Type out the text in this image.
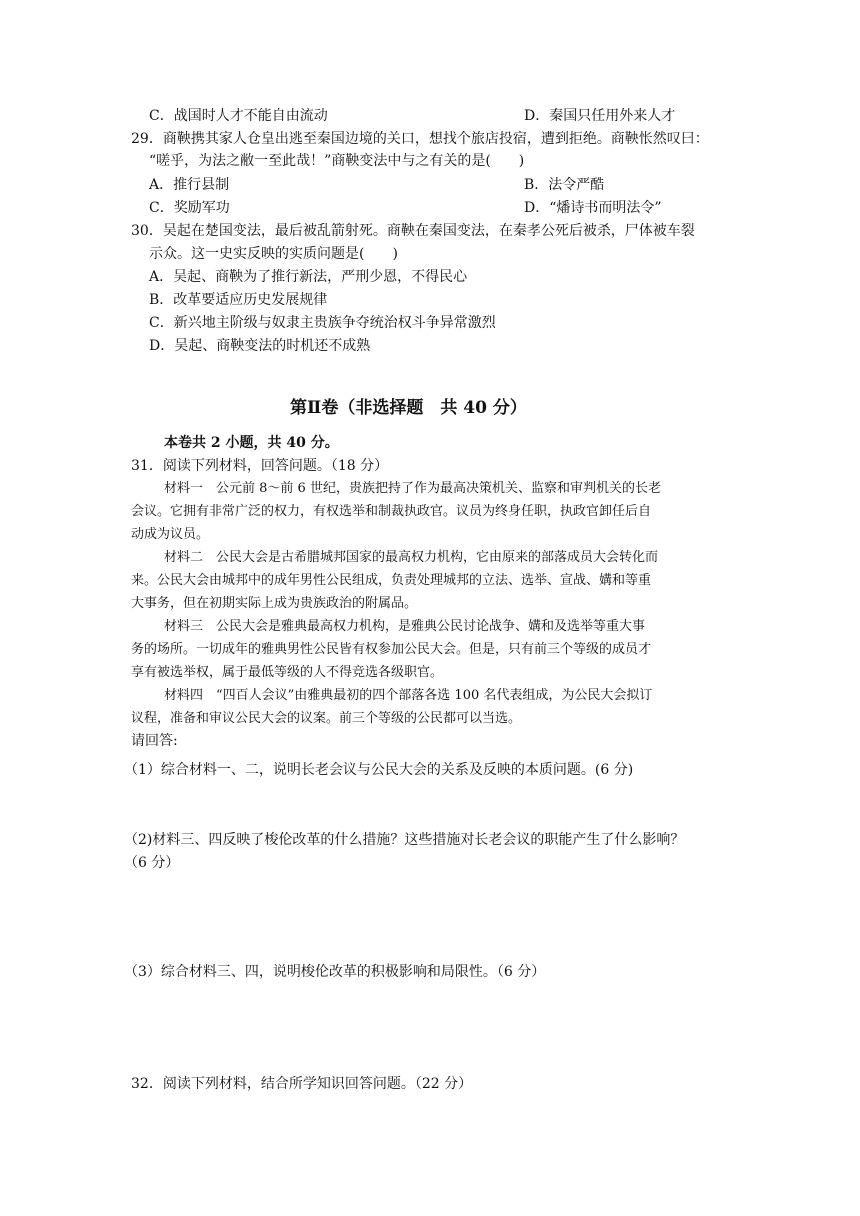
C．战国时人才不能自由流动	D．秦国只任用外来人才
29．商鞅携其家人仓皇出逃至秦国边境的关口，想找个旅店投宿，遭到拒绝。商鞅怅然叹曰：
“嗟乎，为法之敝一至此哉！”商鞅变法中与之有关的是(　　)
A．推行县制	B．法令严酷
C．奖励军功	D．“燔诗书而明法令”
30．吴起在楚国变法，最后被乱箭射死。商鞅在秦国变法，在秦孝公死后被杀，尸体被车裂
示众。这一史实反映的实质问题是(　　)
A．吴起、商鞅为了推行新法，严刑少恩，不得民心
B．改革要适应历史发展规律
C．新兴地主阶级与奴隶主贵族争夺统治权斗争异常激烈
D．吴起、商鞅变法的时机还不成熟
第Ⅱ卷（非选择题　共 40 分）
本卷共 2 小题，共 40 分。
31．阅读下列材料，回答问题。（18 分）
材料一　公元前 8～前 6 世纪，贵族把持了作为最高决策机关、监察和审判机关的长老
会议。它拥有非常广泛的权力，有权选举和制裁执政官。议员为终身任职，执政官卸任后自
动成为议员。
材料二　公民大会是古希腊城邦国家的最高权力机构，它由原来的部落成员大会转化而
来。公民大会由城邦中的成年男性公民组成，负责处理城邦的立法、选举、宣战、媾和等重
大事务，但在初期实际上成为贵族政治的附属品。
材料三　公民大会是雅典最高权力机构，是雅典公民讨论战争、媾和及选举等重大事
务的场所。一切成年的雅典男性公民皆有权参加公民大会。但是，只有前三个等级的成员才
享有被选举权，属于最低等级的人不得竞选各级职官。
材料四　“四百人会议”由雅典最初的四个部落各选 100 名代表组成，为公民大会拟订
议程，准备和审议公民大会的议案。前三个等级的公民都可以当选。
请回答:
（1）综合材料一、二，说明长老会议与公民大会的关系及反映的本质问题。(6 分)
（2)材料三、四反映了梭伦改革的什么措施？这些措施对长老会议的职能产生了什么影响？
（6 分）
（3）综合材料三、四，说明梭伦改革的积极影响和局限性。（6 分）
32．阅读下列材料，结合所学知识回答问题。（22 分）
